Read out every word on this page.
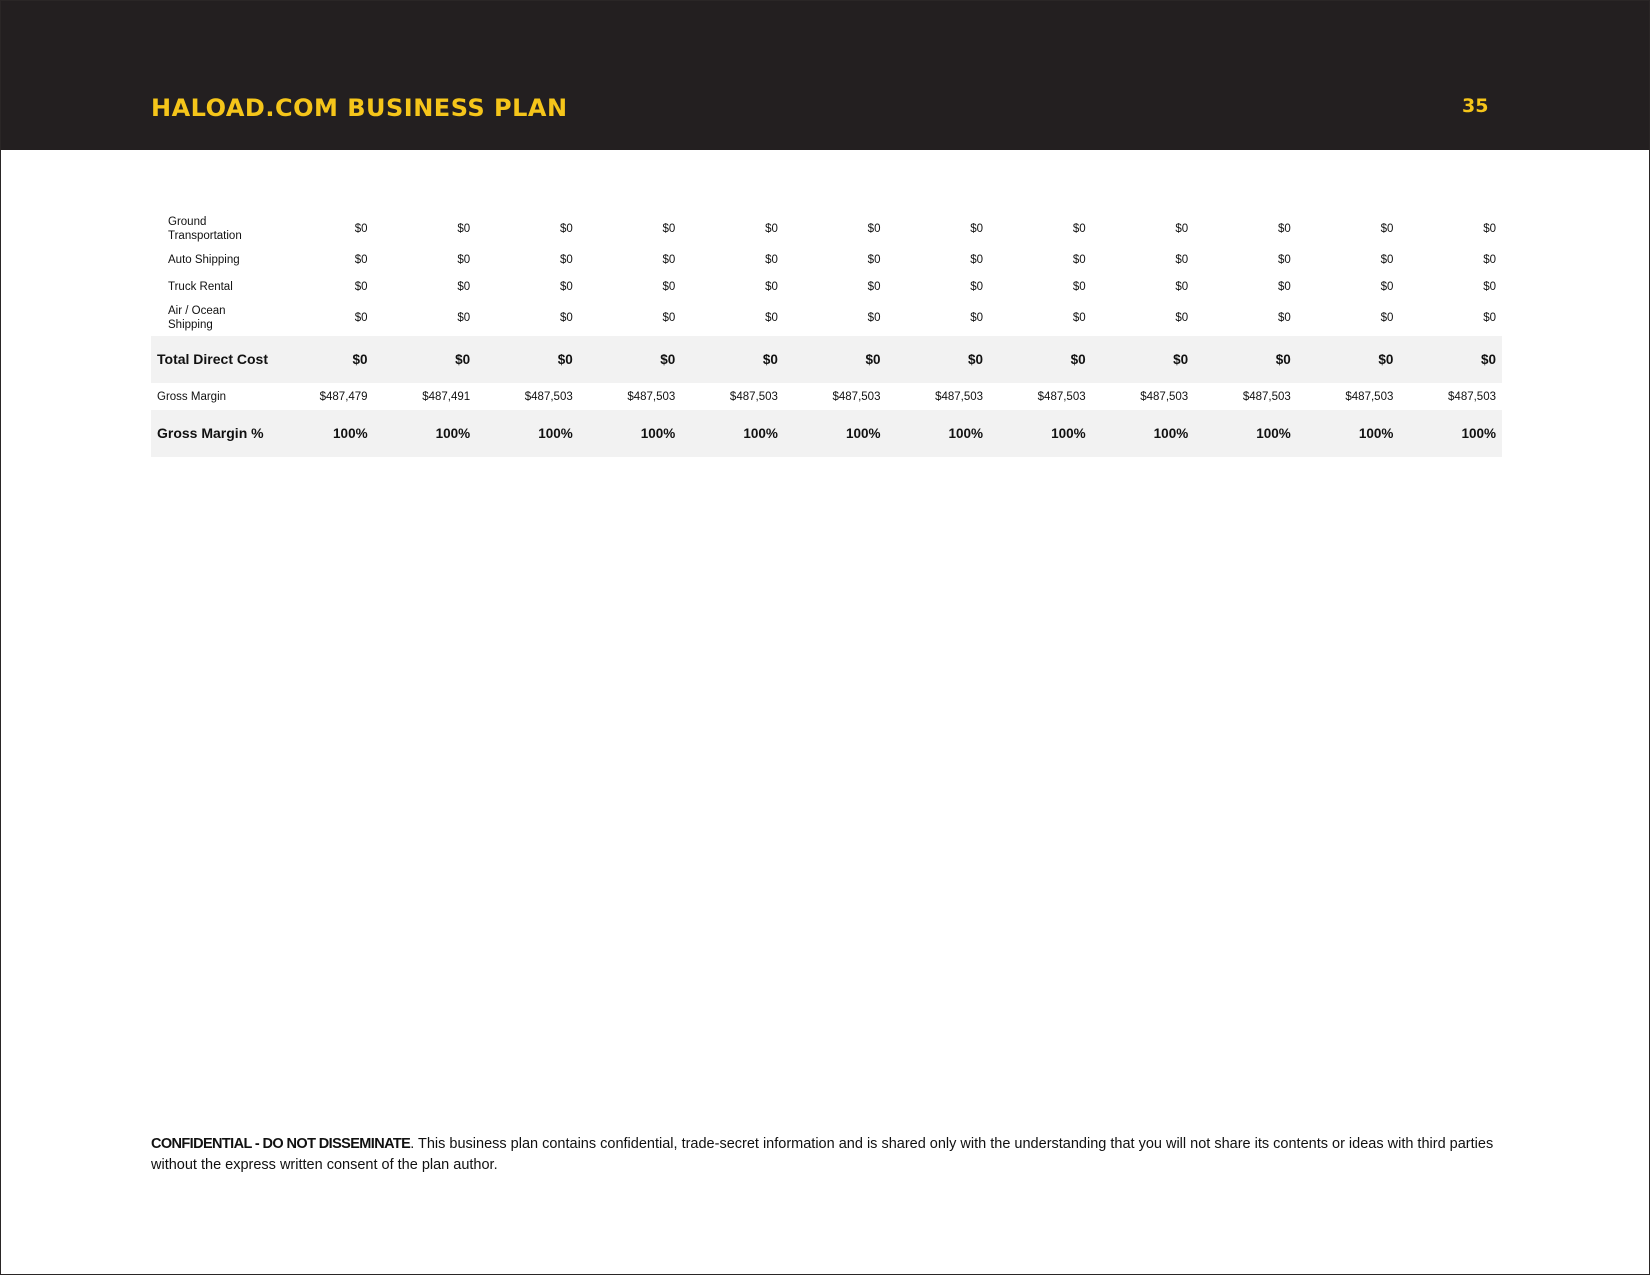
HALOAD.COM BUSINESS PLAN	35
Ground Transportation	$0	$0	$0	$0	$0	$0	$0	$0	$0	$0	$0	$0
Auto Shipping	$0	$0	$0	$0	$0	$0	$0	$0	$0	$0	$0	$0
Truck Rental	$0	$0	$0	$0	$0	$0	$0	$0	$0	$0	$0	$0
Air / Ocean Shipping	$0	$0	$0	$0	$0	$0	$0	$0	$0	$0	$0	$0
Total Direct Cost	$0	$0	$0	$0	$0	$0	$0	$0	$0	$0	$0	$0
Gross Margin	$487,479	$487,491	$487,503	$487,503	$487,503	$487,503	$487,503	$487,503	$487,503	$487,503	$487,503	$487,503
Gross Margin %	100%	100%	100%	100%	100%	100%	100%	100%	100%	100%	100%	100%
CONFIDENTIAL - DO NOT DISSEMINATE. This business plan contains confidential, trade-secret information and is shared only with the understanding that you will not share its contents or ideas with third parties without the express written consent of the plan author.
